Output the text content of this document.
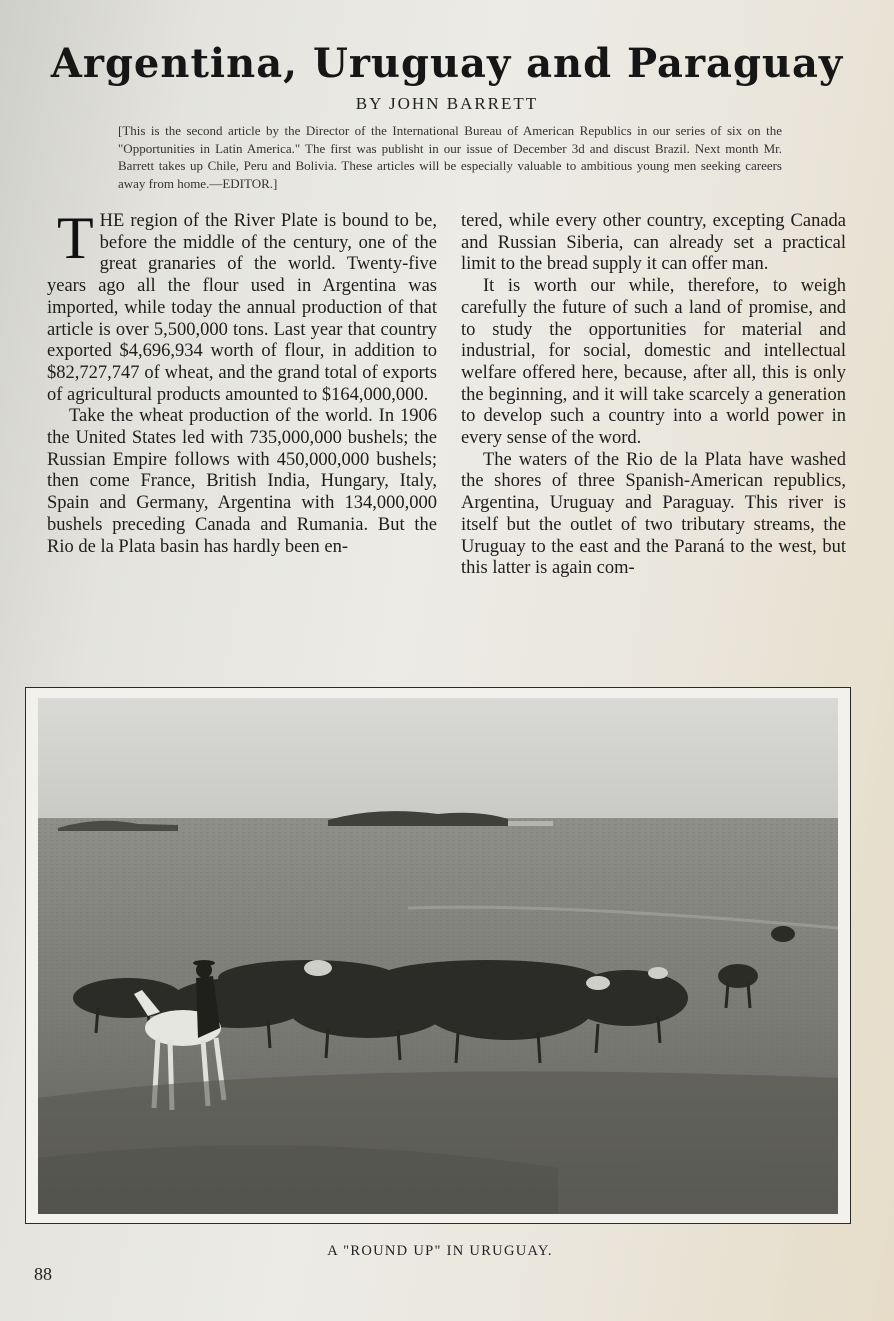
Argentina, Uruguay and Paraguay
BY JOHN BARRETT
[This is the second article by the Director of the International Bureau of American Republics in our series of six on the "Opportunities in Latin America." The first was publisht in our issue of December 3d and discust Brazil. Next month Mr. Barrett takes up Chile, Peru and Bolivia. These articles will be especially valuable to ambitious young men seeking careers away from home.—EDITOR.]

THE region of the River Plate is bound to be, before the middle of the century, one of the great granaries of the world. Twenty-five years ago all the flour used in Argentina was imported, while today the annual production of that article is over 5,500,000 tons. Last year that country exported $4,696,934 worth of flour, in addition to $82,727,747 of wheat, and the grand total of exports of agricultural products amounted to $164,000,000.

Take the wheat production of the world. In 1906 the United States led with 735,000,000 bushels; the Russian Empire follows with 450,000,000 bushels; then come France, British India, Hungary, Italy, Spain and Germany, Argentina with 134,000,000 bushels preceding Canada and Rumania. But the Rio de la Plata basin has hardly been en-

tered, while every other country, excepting Canada and Russian Siberia, can already set a practical limit to the bread supply it can offer man.

It is worth our while, therefore, to weigh carefully the future of such a land of promise, and to study the opportunities for material and industrial, for social, domestic and intellectual welfare offered here, because, after all, this is only the beginning, and it will take scarcely a generation to develop such a country into a world power in every sense of the word.

The waters of the Rio de la Plata have washed the shores of three Spanish-American republics, Argentina, Uruguay and Paraguay. This river is itself but the outlet of two tributary streams, the Uruguay to the east and the Paraná to the west, but this latter is again com-

A "ROUND UP" IN URUGUAY.
88
